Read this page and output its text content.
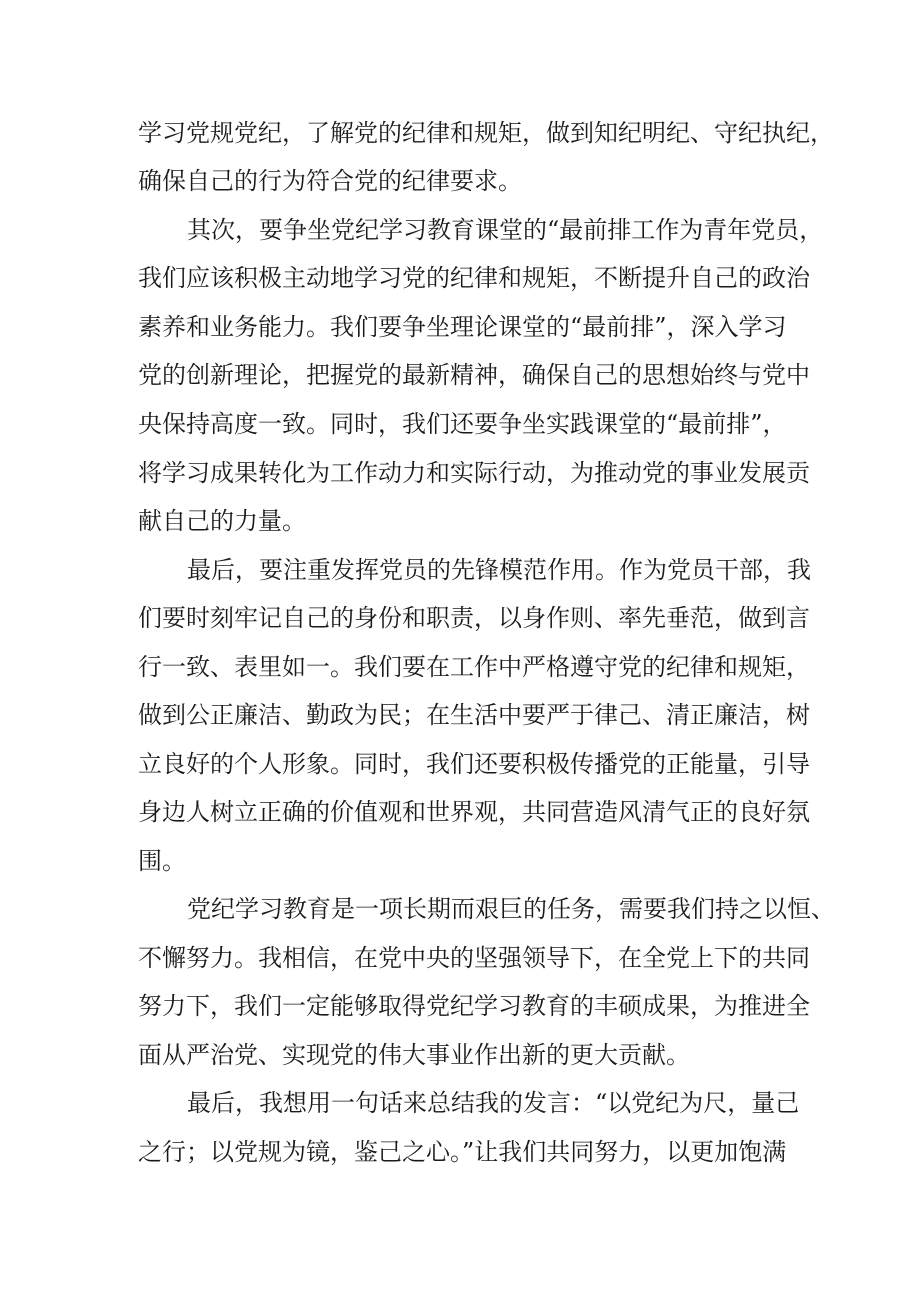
学习党规党纪，了解党的纪律和规矩，做到知纪明纪、守纪执纪，
确保自己的行为符合党的纪律要求。
其次，要争坐党纪学习教育课堂的“最前排工作为青年党员，
我们应该积极主动地学习党的纪律和规矩，不断提升自己的政治
素养和业务能力。我们要争坐理论课堂的“最前排”，深入学习
党的创新理论，把握党的最新精神，确保自己的思想始终与党中
央保持高度一致。同时，我们还要争坐实践课堂的“最前排”，
将学习成果转化为工作动力和实际行动，为推动党的事业发展贡
献自己的力量。
最后，要注重发挥党员的先锋模范作用。作为党员干部，我
们要时刻牢记自己的身份和职责，以身作则、率先垂范，做到言
行一致、表里如一。我们要在工作中严格遵守党的纪律和规矩，
做到公正廉洁、勤政为民；在生活中要严于律己、清正廉洁，树
立良好的个人形象。同时，我们还要积极传播党的正能量，引导
身边人树立正确的价值观和世界观，共同营造风清气正的良好氛
围。
党纪学习教育是一项长期而艰巨的任务，需要我们持之以恒、
不懈努力。我相信，在党中央的坚强领导下，在全党上下的共同
努力下，我们一定能够取得党纪学习教育的丰硕成果，为推进全
面从严治党、实现党的伟大事业作出新的更大贡献。
最后，我想用一句话来总结我的发言：“以党纪为尺，量己
之行；以党规为镜，鉴己之心。”让我们共同努力，以更加饱满
